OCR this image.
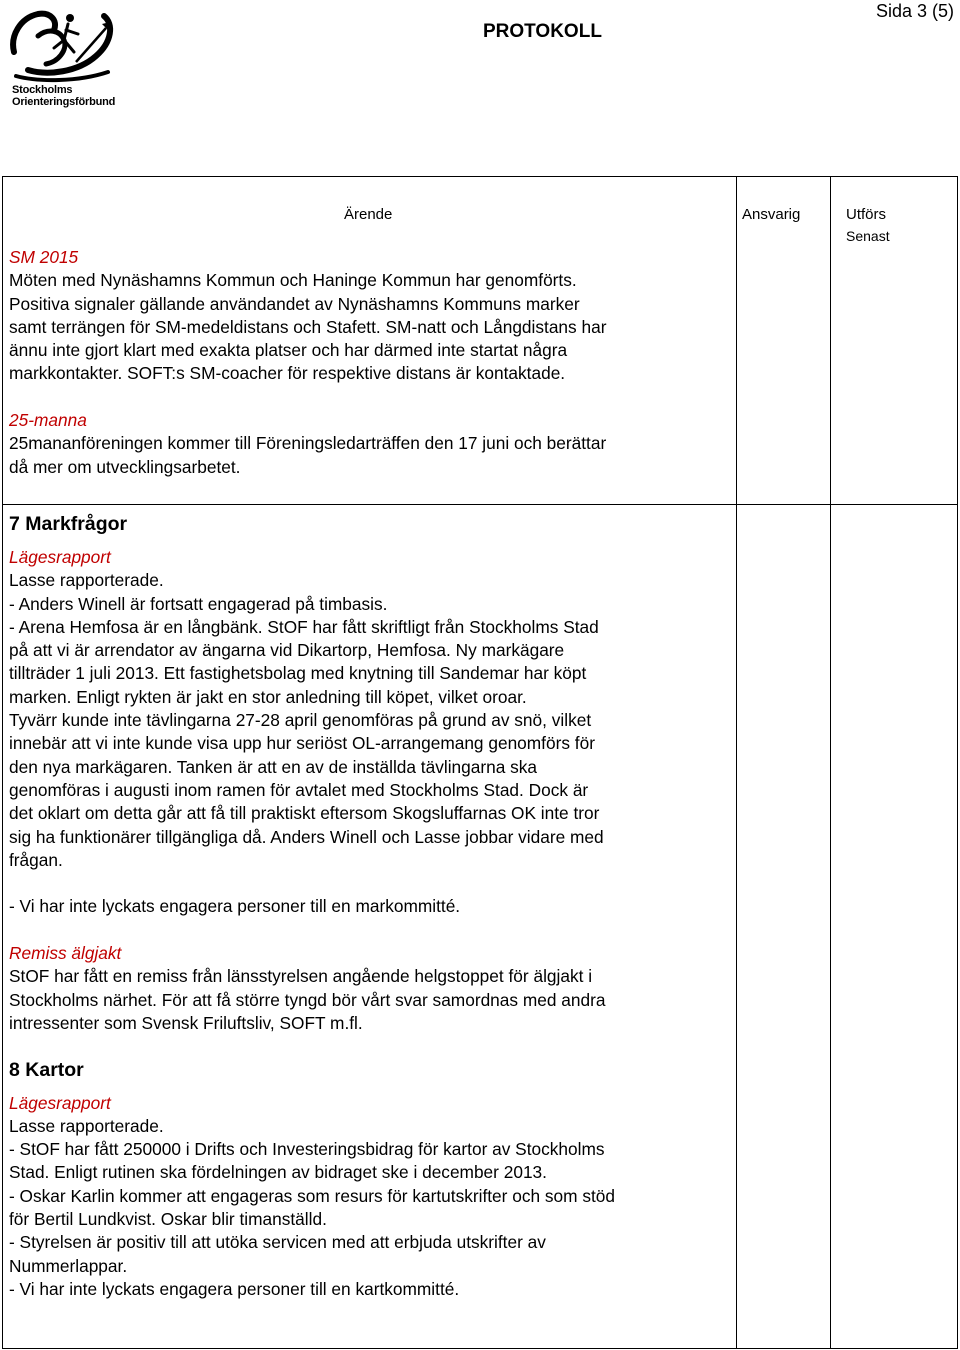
Stockholms
Orienteringsförbund
PROTOKOLL
Sida 3 (5)
Ärende	Ansvarig	Utförs
Senast

SM 2015

Möten med Nynäshamns Kommun och Haninge Kommun har genomförts.

Positiva signaler gällande användandet av Nynäshamns Kommuns marker

samt terrängen för SM-medeldistans och Stafett. SM-natt och Långdistans har

ännu inte gjort klart med exakta platser och har därmed inte startat några

markkontakter. SOFT:s SM-coacher för respektive distans är kontaktade.

25-manna

25mananföreningen kommer till Föreningsledarträffen den 17 juni och berättar

då mer om utvecklingsarbetet.

7 Markfrågor

Lägesrapport

Lasse rapporterade.

- Anders Winell är fortsatt engagerad på timbasis.

- Arena Hemfosa är en långbänk. StOF har fått skriftligt från Stockholms Stad

på att vi är arrendator av ängarna vid Dikartorp, Hemfosa. Ny markägare

tillträder 1 juli 2013. Ett fastighetsbolag med knytning till Sandemar har köpt

marken. Enligt rykten är jakt en stor anledning till köpet, vilket oroar.

Tyvärr kunde inte tävlingarna 27-28 april genomföras på grund av snö, vilket

innebär att vi inte kunde visa upp hur seriöst OL-arrangemang genomförs för

den nya markägaren. Tanken är att en av de inställda tävlingarna ska

genomföras i augusti inom ramen för avtalet med Stockholms Stad. Dock är

det oklart om detta går att få till praktiskt eftersom Skogsluffarnas OK inte tror

sig ha funktionärer tillgängliga då. Anders Winell och Lasse jobbar vidare med

frågan.

- Vi har inte lyckats engagera personer till en markommitté.

Remiss älgjakt

StOF har fått en remiss från länsstyrelsen angående helgstoppet för älgjakt i

Stockholms närhet. För att få större tyngd bör vårt svar samordnas med andra

intressenter som Svensk Friluftsliv, SOFT m.fl.

8 Kartor

Lägesrapport

Lasse rapporterade.

- StOF har fått 250000 i Drifts och Investeringsbidrag för kartor av Stockholms

Stad. Enligt rutinen ska fördelningen av bidraget ske i december 2013.

- Oskar Karlin kommer att engageras som resurs för kartutskrifter och som stöd

för Bertil Lundkvist. Oskar blir timanställd.

- Styrelsen är positiv till att utöka servicen med att erbjuda utskrifter av

Nummerlappar.

- Vi har inte lyckats engagera personer till en kartkommitté.
